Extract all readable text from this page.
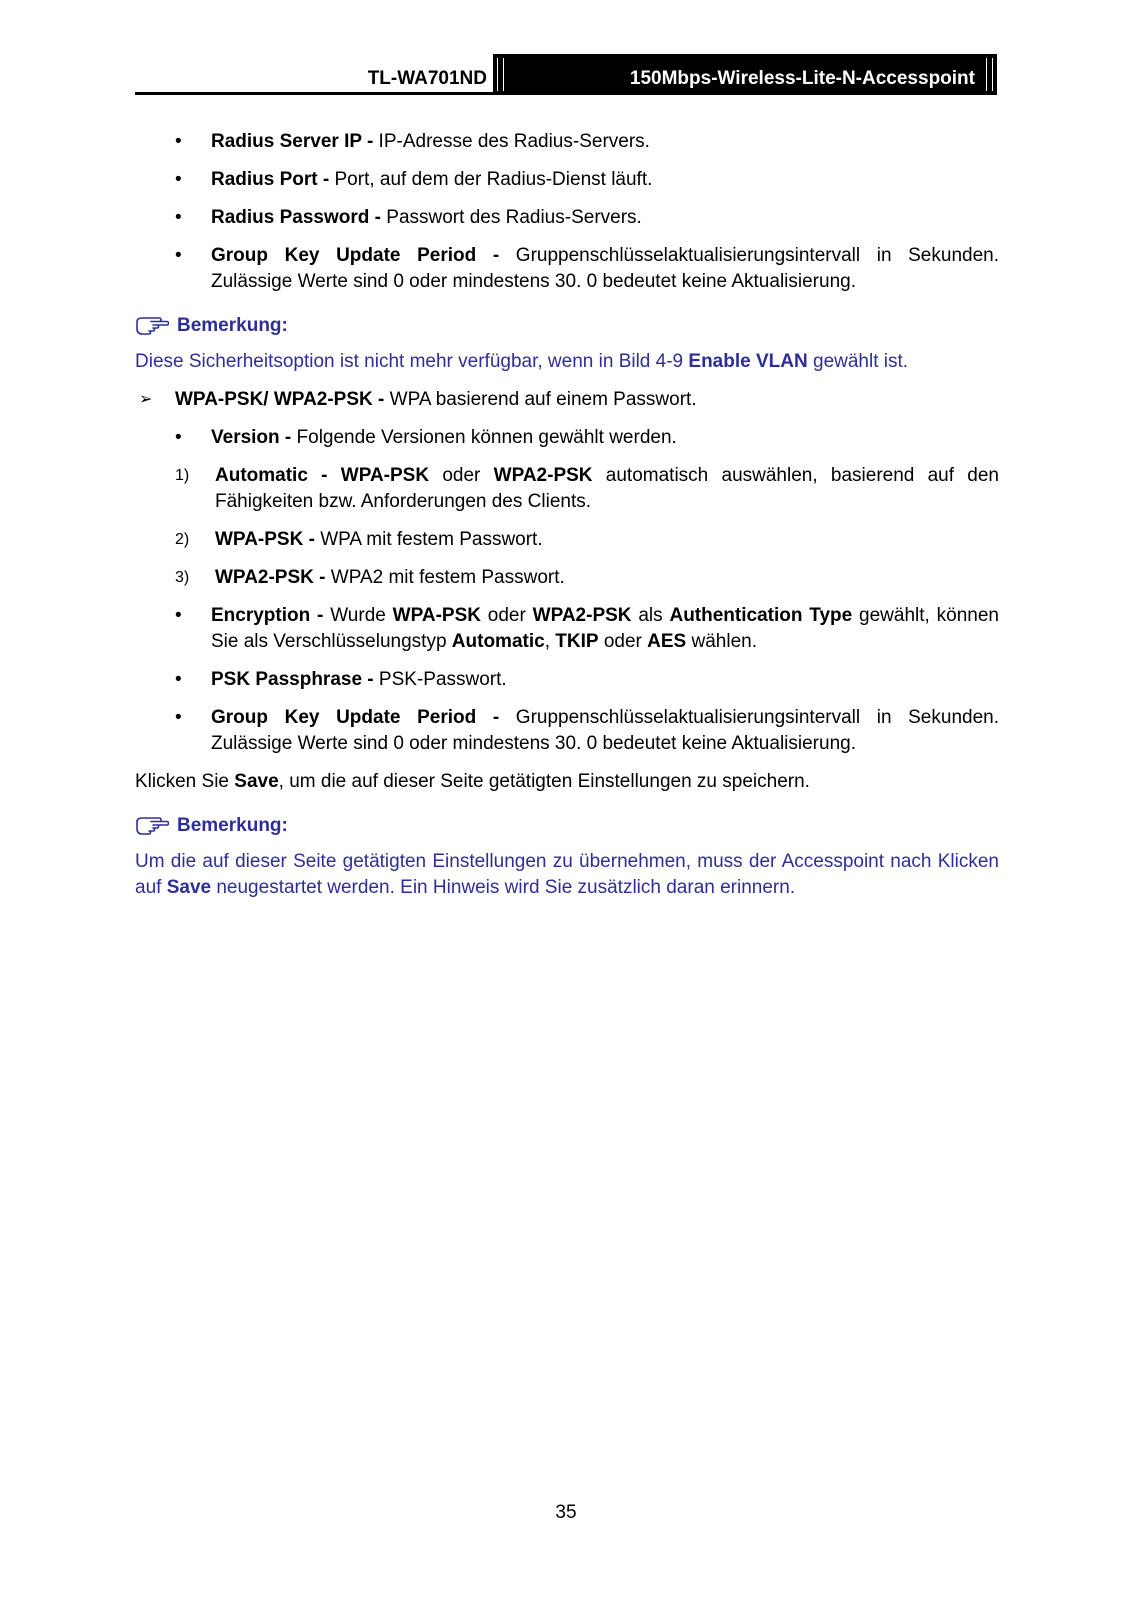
TL-WA701ND	150Mbps-Wireless-Lite-N-Accesspoint
• Radius Server IP - IP-Adresse des Radius-Servers.
• Radius Port - Port, auf dem der Radius-Dienst läuft.
• Radius Password - Passwort des Radius-Servers.
• Group Key Update Period - Gruppenschlüsselaktualisierungsintervall in Sekunden. Zulässige Werte sind 0 oder mindestens 30. 0 bedeutet keine Aktualisierung.
Bemerkung:
Diese Sicherheitsoption ist nicht mehr verfügbar, wenn in Bild 4-9 Enable VLAN gewählt ist.
➢ WPA-PSK/ WPA2-PSK - WPA basierend auf einem Passwort.
• Version - Folgende Versionen können gewählt werden.
1) Automatic - WPA-PSK oder WPA2-PSK automatisch auswählen, basierend auf den Fähigkeiten bzw. Anforderungen des Clients.
2) WPA-PSK - WPA mit festem Passwort.
3) WPA2-PSK - WPA2 mit festem Passwort.
• Encryption - Wurde WPA-PSK oder WPA2-PSK als Authentication Type gewählt, können Sie als Verschlüsselungstyp Automatic, TKIP oder AES wählen.
• PSK Passphrase - PSK-Passwort.
• Group Key Update Period - Gruppenschlüsselaktualisierungsintervall in Sekunden. Zulässige Werte sind 0 oder mindestens 30. 0 bedeutet keine Aktualisierung.
Klicken Sie Save, um die auf dieser Seite getätigten Einstellungen zu speichern.
Bemerkung:
Um die auf dieser Seite getätigten Einstellungen zu übernehmen, muss der Accesspoint nach Klicken auf Save neugestartet werden. Ein Hinweis wird Sie zusätzlich daran erinnern.
35
